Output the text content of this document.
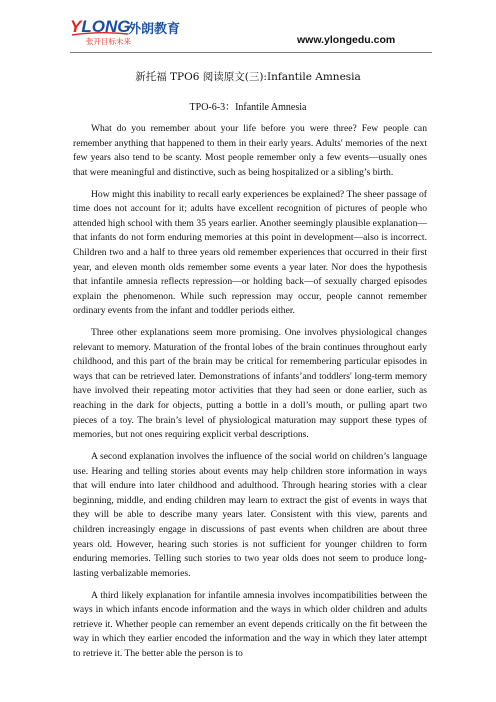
YLONG
外朗教育
张开目标未来	www.ylongedu.com
新托福 TPO6 阅读原文(三):Infantile Amnesia
TPO-6-3：Infantile Amnesia

What do you remember about your life before you were three? Few people can remember anything that happened to them in their early years. Adults' memories of the next few years also tend to be scanty. Most people remember only a few events—usually ones that were meaningful and distinctive, such as being hospitalized or a sibling’s birth.

How might this inability to recall early experiences be explained? The sheer passage of time does not account for it; adults have excellent recognition of pictures of people who attended high school with them 35 years earlier. Another seemingly plausible explanation—that infants do not form enduring memories at this point in development—also is incorrect. Children two and a half to three years old remember experiences that occurred in their first year, and eleven month olds remember some events a year later. Nor does the hypothesis that infantile amnesia reflects repression—or holding back—of sexually charged episodes explain the phenomenon. While such repression may occur, people cannot remember ordinary events from the infant and toddler periods either.

Three other explanations seem more promising. One involves physiological changes relevant to memory. Maturation of the frontal lobes of the brain continues throughout early childhood, and this part of the brain may be critical for remembering particular episodes in ways that can be retrieved later. Demonstrations of infants’and toddlers' long-term memory have involved their repeating motor activities that they had seen or done earlier, such as reaching in the dark for objects, putting a bottle in a doll’s mouth, or pulling apart two pieces of a toy. The brain’s level of physiological maturation may support these types of memories, but not ones requiring explicit verbal descriptions.

A second explanation involves the influence of the social world on children’s language use. Hearing and telling stories about events may help children store information in ways that will endure into later childhood and adulthood. Through hearing stories with a clear beginning, middle, and ending children may learn to extract the gist of events in ways that they will be able to describe many years later. Consistent with this view, parents and children increasingly engage in discussions of past events when children are about three years old. However, hearing such stories is not sufficient for younger children to form enduring memories. Telling such stories to two year olds does not seem to produce long-lasting verbalizable memories.

A third likely explanation for infantile amnesia involves incompatibilities between the ways in which infants encode information and the ways in which older children and adults retrieve it. Whether people can remember an event depends critically on the fit between the way in which they earlier encoded the information and the way in which they later attempt to retrieve it. The better able the person is to
